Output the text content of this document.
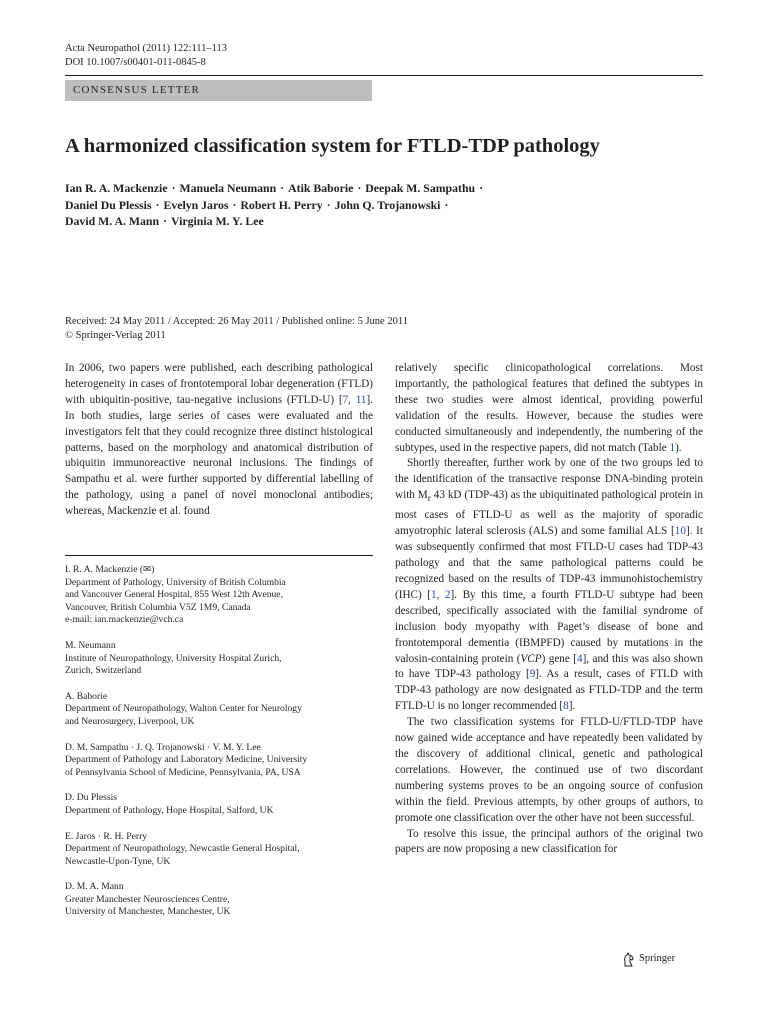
Acta Neuropathol (2011) 122:111–113
DOI 10.1007/s00401-011-0845-8
CONSENSUS LETTER
A harmonized classification system for FTLD-TDP pathology
Ian R. A. Mackenzie · Manuela Neumann · Atik Baborie · Deepak M. Sampathu ·
Daniel Du Plessis · Evelyn Jaros · Robert H. Perry · John Q. Trojanowski ·
David M. A. Mann · Virginia M. Y. Lee
Received: 24 May 2011 / Accepted: 26 May 2011 / Published online: 5 June 2011
© Springer-Verlag 2011

In 2006, two papers were published, each describing pathological heterogeneity in cases of frontotemporal lobar degeneration (FTLD) with ubiquitin-positive, tau-negative inclusions (FTLD-U) [7, 11]. In both studies, large series of cases were evaluated and the investigators felt that they could recognize three distinct histological patterns, based on the morphology and anatomical distribution of ubiquitin immunoreactive neuronal inclusions. The findings of Sampathu et al. were further supported by differential labelling of the pathology, using a panel of novel monoclonal antibodies; whereas, Mackenzie et al. found

I. R. A. Mackenzie (✉)
Department of Pathology, University of British Columbia
and Vancouver General Hospital, 855 West 12th Avenue,
Vancouver, British Columbia V5Z 1M9, Canada
e-mail: ian.mackenzie@vch.ca
M. Neumann
Institute of Neuropathology, University Hospital Zurich,
Zurich, Switzerland
A. Baborie
Department of Neuropathology, Walton Center for Neurology
and Neurosurgery, Liverpool, UK
D. M. Sampathu · J. Q. Trojanowski · V. M. Y. Lee
Department of Pathology and Laboratory Medicine, University
of Pennsylvania School of Medicine, Pennsylvania, PA, USA
D. Du Plessis
Department of Pathology, Hope Hospital, Salford, UK
E. Jaros · R. H. Perry
Department of Neuropathology, Newcastle General Hospital,
Newcastle-Upon-Tyne, UK
D. M. A. Mann
Greater Manchester Neurosciences Centre,
University of Manchester, Manchester, UK

relatively specific clinicopathological correlations. Most importantly, the pathological features that defined the subtypes in these two studies were almost identical, providing powerful validation of the results. However, because the studies were conducted simultaneously and independently, the numbering of the subtypes, used in the respective papers, did not match (Table 1).

Shortly thereafter, further work by one of the two groups led to the identification of the transactive response DNA-binding protein with $M_r$ 43 kD (TDP-43) as the ubiquitinated pathological protein in most cases of FTLD-U as well as the majority of sporadic amyotrophic lateral sclerosis (ALS) and some familial ALS [10]. It was subsequently confirmed that most FTLD-U cases had TDP-43 pathology and that the same pathological patterns could be recognized based on the results of TDP-43 immunohistochemistry (IHC) [1, 2]. By this time, a fourth FTLD-U subtype had been described, specifically associated with the familial syndrome of inclusion body myopathy with Paget’s disease of bone and frontotemporal dementia (IBMPFD) caused by mutations in the valosin-containing protein (VCP) gene [4], and this was also shown to have TDP-43 pathology [9]. As a result, cases of FTLD with TDP-43 pathology are now designated as FTLD-TDP and the term FTLD-U is no longer recommended [8].

The two classification systems for FTLD-U/FTLD-TDP have now gained wide acceptance and have repeatedly been validated by the discovery of additional clinical, genetic and pathological correlations. However, the continued use of two discordant numbering systems proves to be an ongoing source of confusion within the field. Previous attempts, by other groups of authors, to promote one classification over the other have not been successful.

To resolve this issue, the principal authors of the original two papers are now proposing a new classification for

Springer
